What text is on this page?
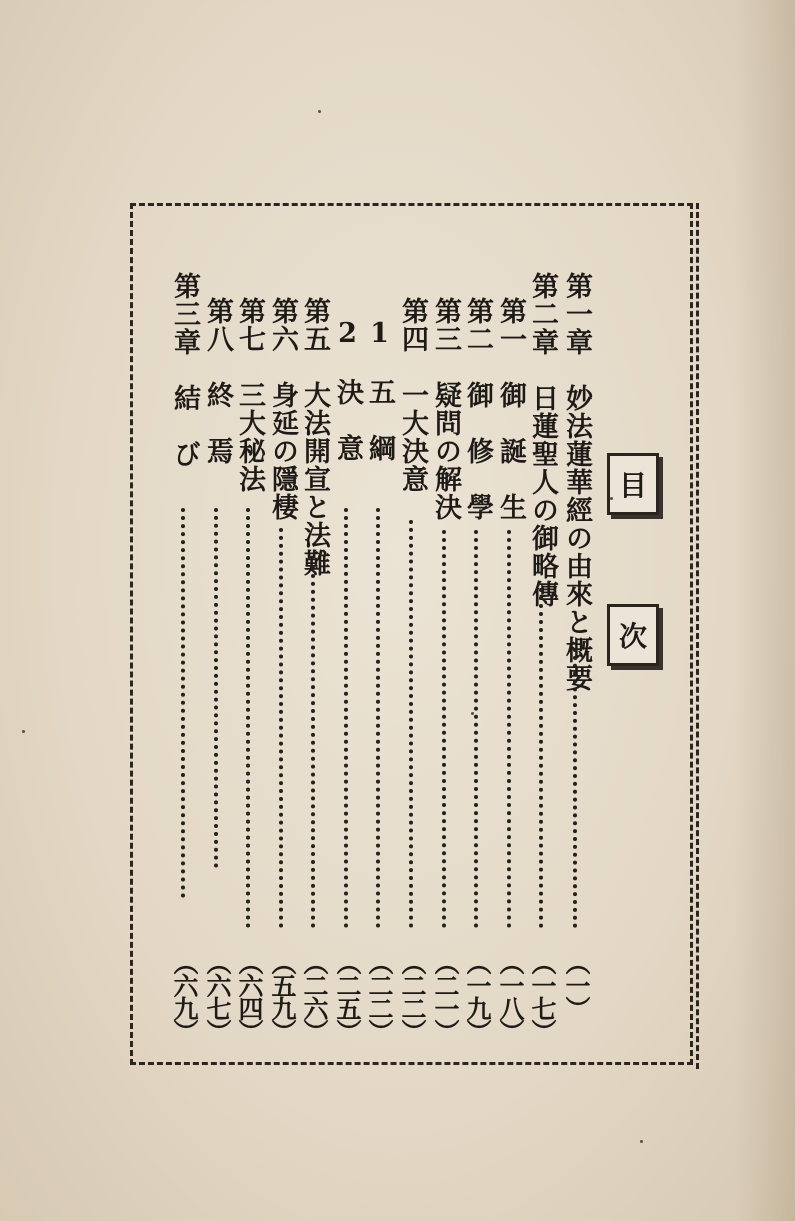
目
次
第一章　妙法蓮華經の由來と概要
（一）
第二章　日蓮聖人の御略傳
（一七）
第一　御　誕　生
（一八）
第二　御　修　學
（一九）
第三　疑問の解決
（二一）
第四　一大決意
（二二）
1　五　綱
（二二）
2　決　意
（二五）
第五　大法開宣と法難
（二六）
第六　身延の隱棲
（五九）
第七　三大秘法
（六四）
第八　終　焉
（六七）
第三章　結　び
（六九）
